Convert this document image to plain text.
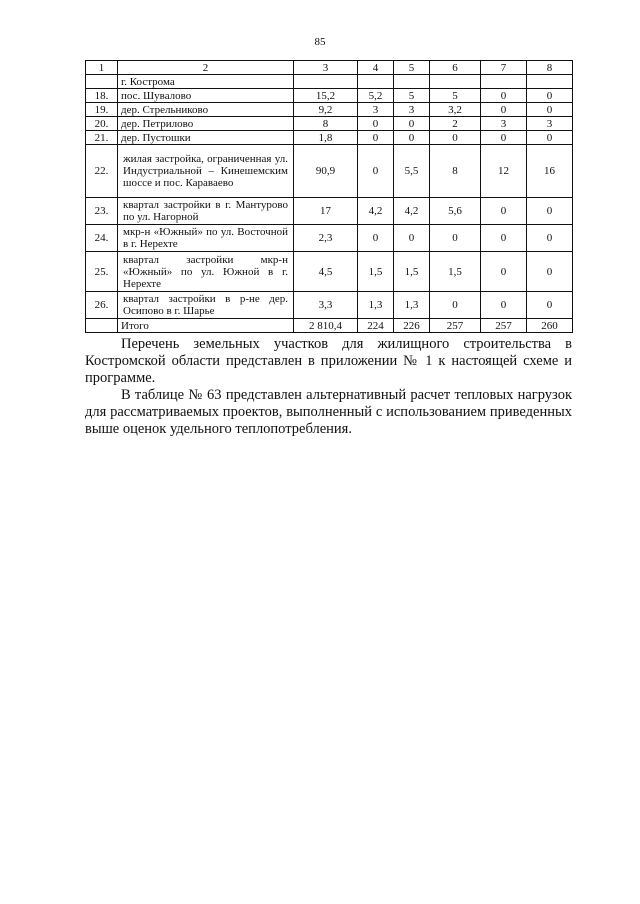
85
1	2	3	4	5	6	7	8
	г. Кострома						
18.	пос. Шувалово	15,2	5,2	5	5	0	0
19.	дер. Стрельниково	9,2	3	3	3,2	0	0
20.	дер. Петрилово	8	0	0	2	3	3
21.	дер. Пустошки	1,8	0	0	0	0	0
22.	жилая застройка, ограниченная ул. Индустриальной – Кинешемским шоссе и пос. Караваево	90,9	0	5,5	8	12	16
23.	квартал застройки в г. Мантурово по ул. Нагорной	17	4,2	4,2	5,6	0	0
24.	мкр-н «Южный» по ул. Восточной в г. Нерехте	2,3	0	0	0	0	0
25.	квартал застройки мкр-н «Южный» по ул. Южной в г. Нерехте	4,5	1,5	1,5	1,5	0	0
26.	квартал застройки в р-не дер. Осипово в г. Шарье	3,3	1,3	1,3	0	0	0
	Итого	2 810,4	224	226	257	257	260
Перечень земельных участков для жилищного строительства в Костромской области представлен в приложении № 1 к настоящей схеме и программе.
В таблице № 63 представлен альтернативный расчет тепловых нагрузок для рассматриваемых проектов, выполненный с использованием приведенных выше оценок удельного теплопотребления.
